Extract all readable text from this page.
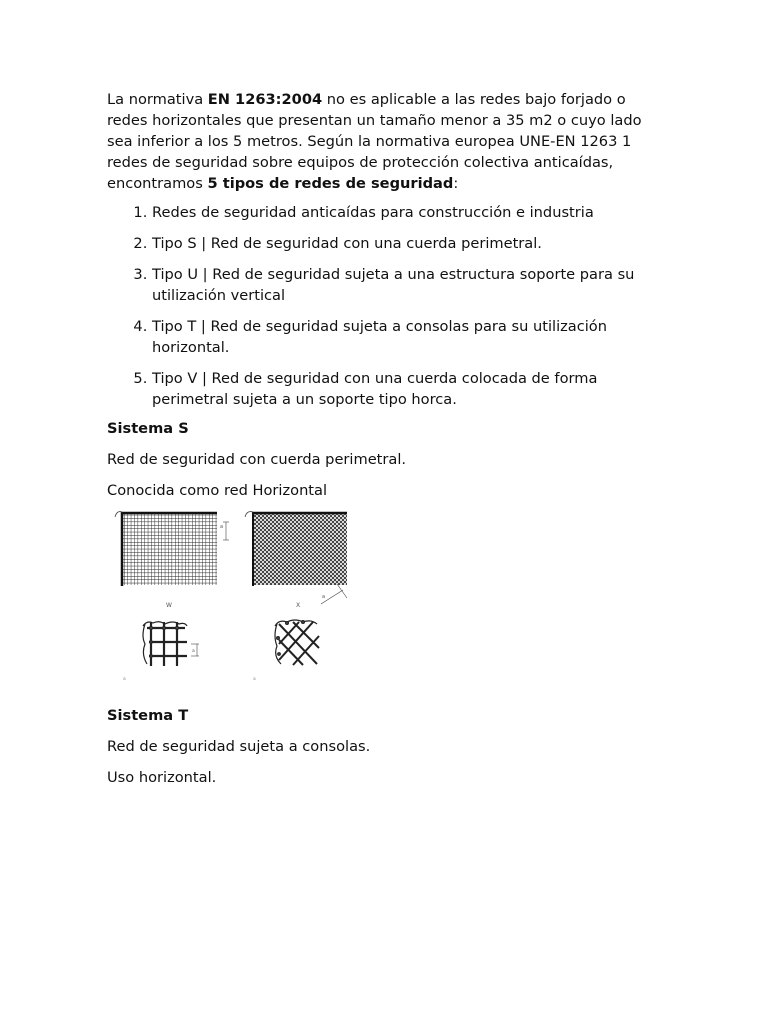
La normativa EN 1263:2004 no es aplicable a las redes bajo forjado o redes horizontales que presentan un tamaño menor a 35 m2 o cuyo lado sea inferior a los 5 metros. Según la normativa europea UNE-EN 1263 1 redes de seguridad sobre equipos de protección colectiva anticaídas, encontramos 5 tipos de redes de seguridad:

1. Redes de seguridad anticaídas para construcción e industria
2. Tipo S | Red de seguridad con una cuerda perimetral.
3. Tipo U | Red de seguridad sujeta a una estructura soporte para su utilización vertical
4. Tipo T | Red de seguridad sujeta a consolas para su utilización horizontal.
5. Tipo V | Red de seguridad con una cuerda colocada de forma perimetral sujeta a un soporte tipo horca.

Sistema S

Red de seguridad con cuerda perimetral.

Conocida como red Horizontal

a
a
W	X
a
a	a

Sistema T

Red de seguridad sujeta a consolas.

Uso horizontal.
